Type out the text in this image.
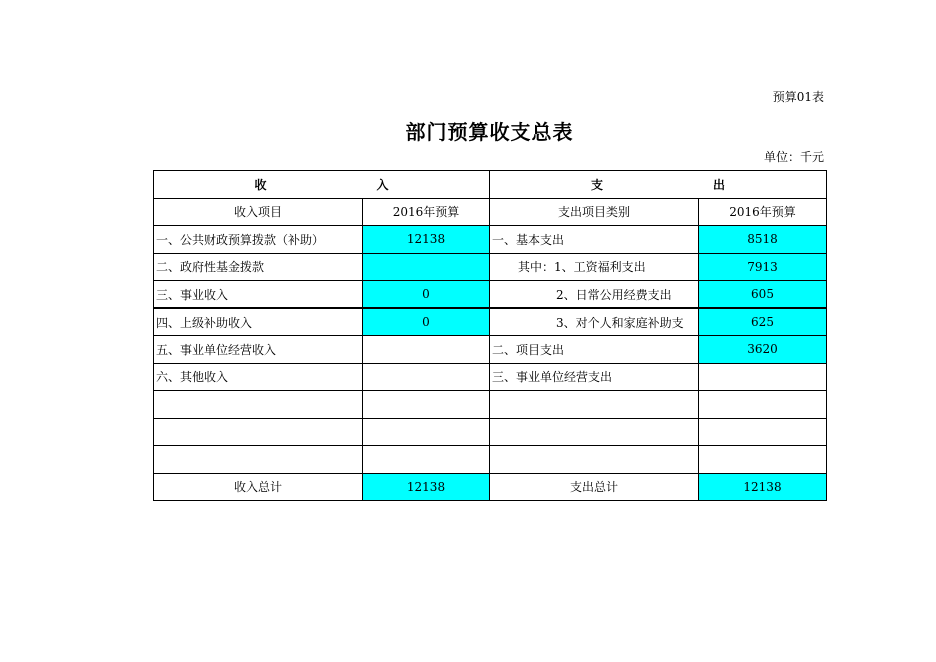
预算01表
部门预算收支总表
单位：千元
收 入		支 出	
收入项目	2016年预算	支出项目类别	2016年预算
一、公共财政预算拨款（补助）	12138	一、基本支出	8518
二、政府性基金拨款		其中：1、工资福利支出	7913
三、事业收入	0	2、日常公用经费支出	605
四、上级补助收入	0	3、对个人和家庭补助支	625
五、事业单位经营收入		二、项目支出	3620
六、其他收入		三、事业单位经营支出	

收入总计	12138	支出总计	12138
